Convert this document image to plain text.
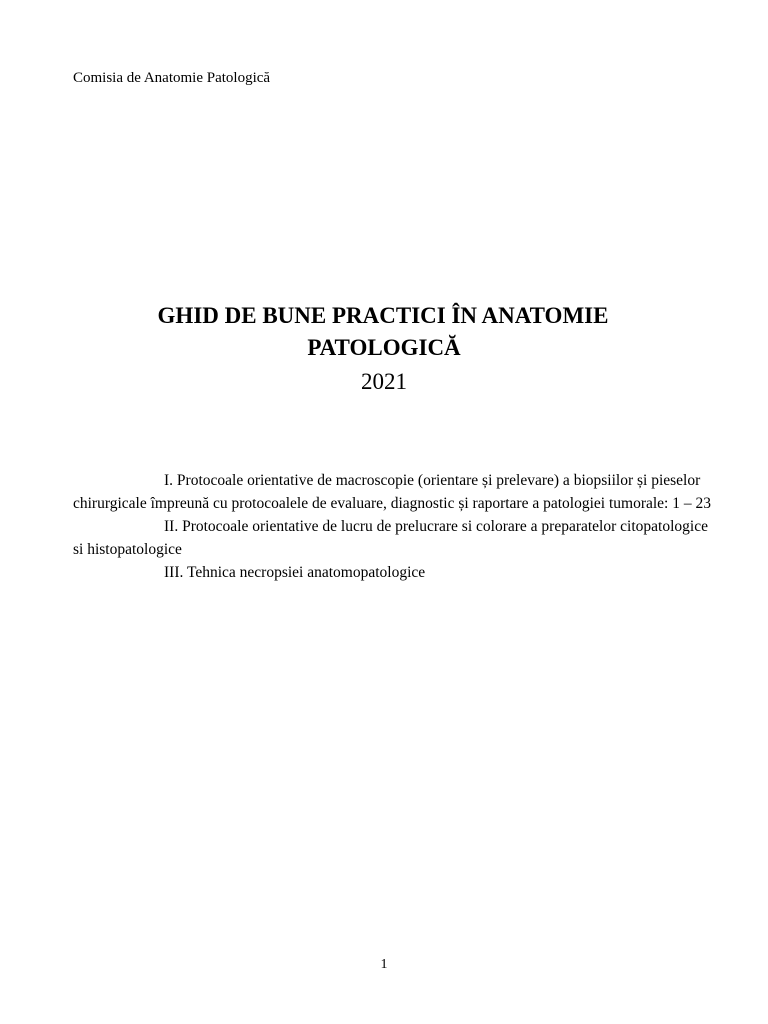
Comisia de Anatomie Patologică
GHID DE BUNE PRACTICI ÎN ANATOMIE
PATOLOGICĂ
2021

I. Protocoale orientative de macroscopie (orientare și prelevare) a biopsiilor și pieselor chirurgicale împreună cu protocoalele de evaluare, diagnostic și raportare a patologiei tumorale: 1 – 23

II. Protocoale orientative de lucru de prelucrare si colorare a preparatelor citopatologice si histopatologice

III. Tehnica necropsiei anatomopatologice

1
